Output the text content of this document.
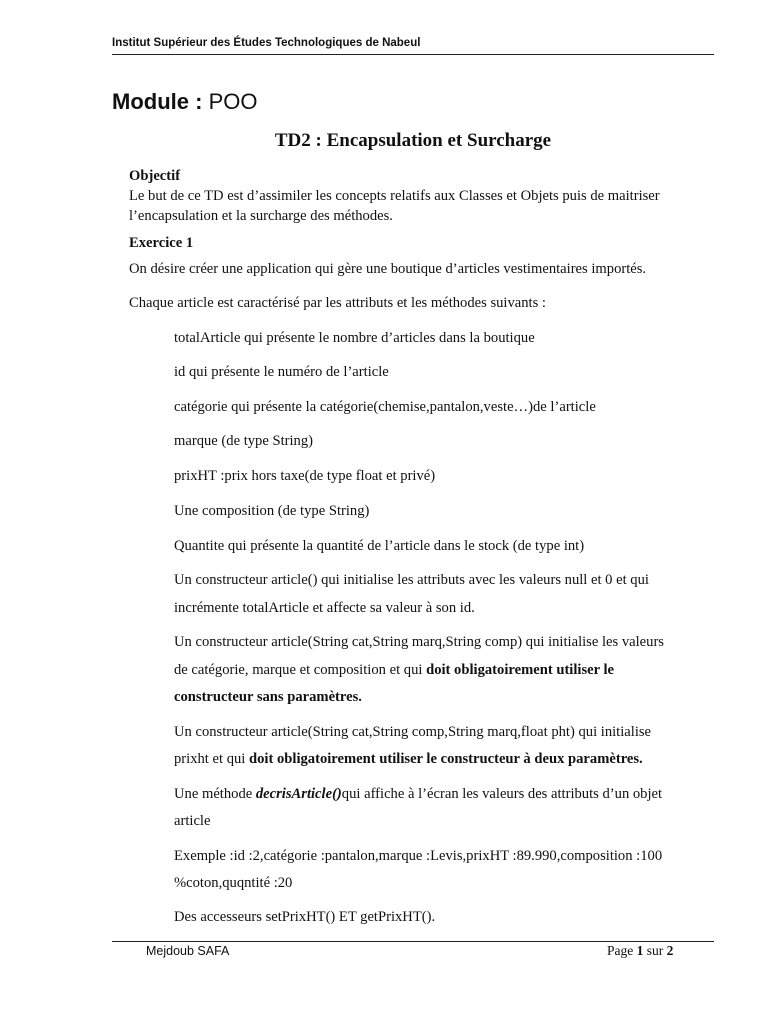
Institut Supérieur des Études Technologiques de Nabeul
Module : POO
TD2 : Encapsulation et Surcharge
Objectif
Le but de ce TD est d’assimiler les concepts relatifs aux Classes et Objets puis de maitriser
l’encapsulation et la surcharge des méthodes.
Exercice 1
On désire créer une application qui gère une boutique d’articles vestimentaires importés.
Chaque article est caractérisé par les attributs et les méthodes suivants :
totalArticle qui présente le nombre d’articles dans la boutique
id qui présente le numéro de l’article
catégorie qui présente la catégorie(chemise,pantalon,veste…)de l’article
marque (de type String)
prixHT :prix hors taxe(de type float et privé)
Une composition (de type String)
Quantite qui présente la quantité de l’article dans le stock (de type int)
Un constructeur article() qui initialise les attributs avec les valeurs null et 0 et qui
incrémente totalArticle et affecte sa valeur à son id.
Un constructeur article(String cat,String marq,String comp) qui initialise les valeurs
de catégorie, marque et composition et qui doit obligatoirement utiliser le
constructeur sans paramètres.
Un constructeur article(String cat,String comp,String marq,float pht) qui initialise
prixht et qui doit obligatoirement utiliser le constructeur à deux paramètres.
Une méthode decrisArticle()qui affiche à l’écran les valeurs des attributs d’un objet
article
Exemple :id :2,catégorie :pantalon,marque :Levis,prixHT :89.990,composition :100
%coton,quqntité :20
Des accesseurs setPrixHT() ET getPrixHT().
Mejdoub SAFA	Page 1 sur 2
